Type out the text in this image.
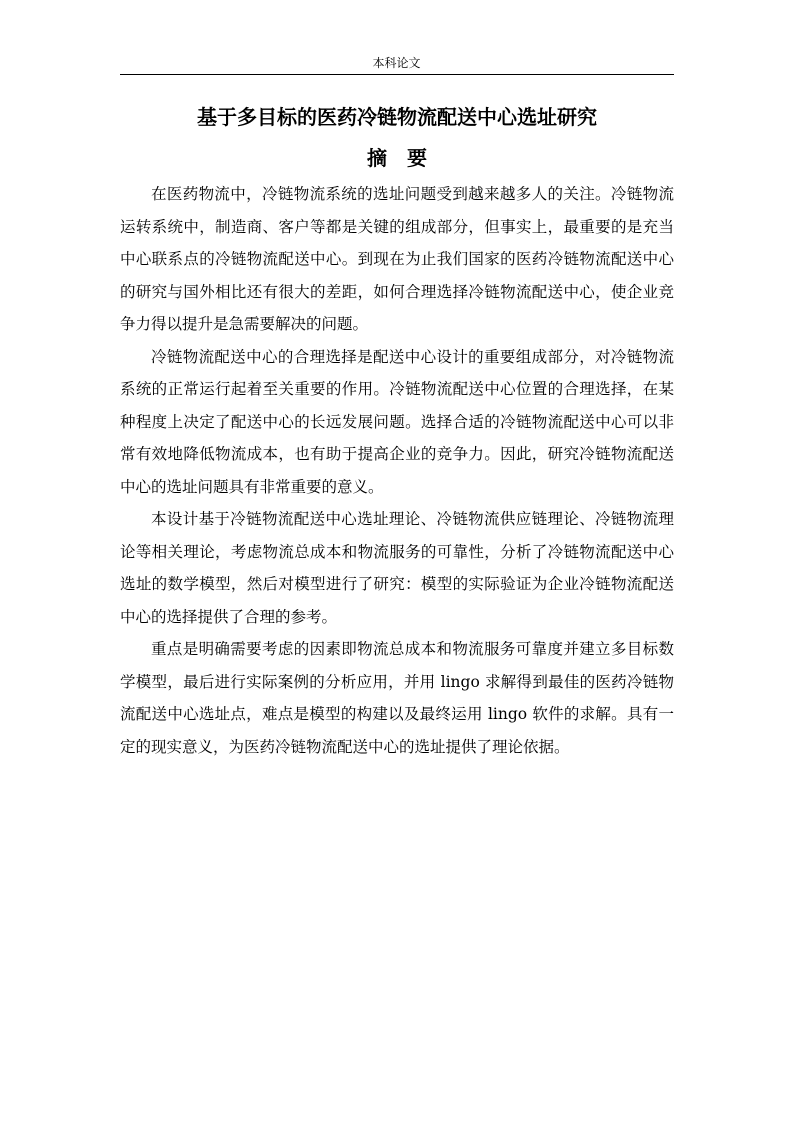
本科论文
基于多目标的医药冷链物流配送中心选址研究
摘要

在医药物流中，冷链物流系统的选址问题受到越来越多人的关注。冷链物流运转系统中，制造商、客户等都是关键的组成部分，但事实上，最重要的是充当中心联系点的冷链物流配送中心。到现在为止我们国家的医药冷链物流配送中心的研究与国外相比还有很大的差距，如何合理选择冷链物流配送中心，使企业竞争力得以提升是急需要解决的问题。

冷链物流配送中心的合理选择是配送中心设计的重要组成部分，对冷链物流系统的正常运行起着至关重要的作用。冷链物流配送中心位置的合理选择，在某种程度上决定了配送中心的长远发展问题。选择合适的冷链物流配送中心可以非常有效地降低物流成本，也有助于提高企业的竞争力。因此，研究冷链物流配送中心的选址问题具有非常重要的意义。

本设计基于冷链物流配送中心选址理论、冷链物流供应链理论、冷链物流理论等相关理论，考虑物流总成本和物流服务的可靠性，分析了冷链物流配送中心选址的数学模型，然后对模型进行了研究：模型的实际验证为企业冷链物流配送中心的选择提供了合理的参考。

重点是明确需要考虑的因素即物流总成本和物流服务可靠度并建立多目标数学模型，最后进行实际案例的分析应用，并用 lingo 求解得到最佳的医药冷链物流配送中心选址点，难点是模型的构建以及最终运用 lingo 软件的求解。具有一定的现实意义，为医药冷链物流配送中心的选址提供了理论依据。
